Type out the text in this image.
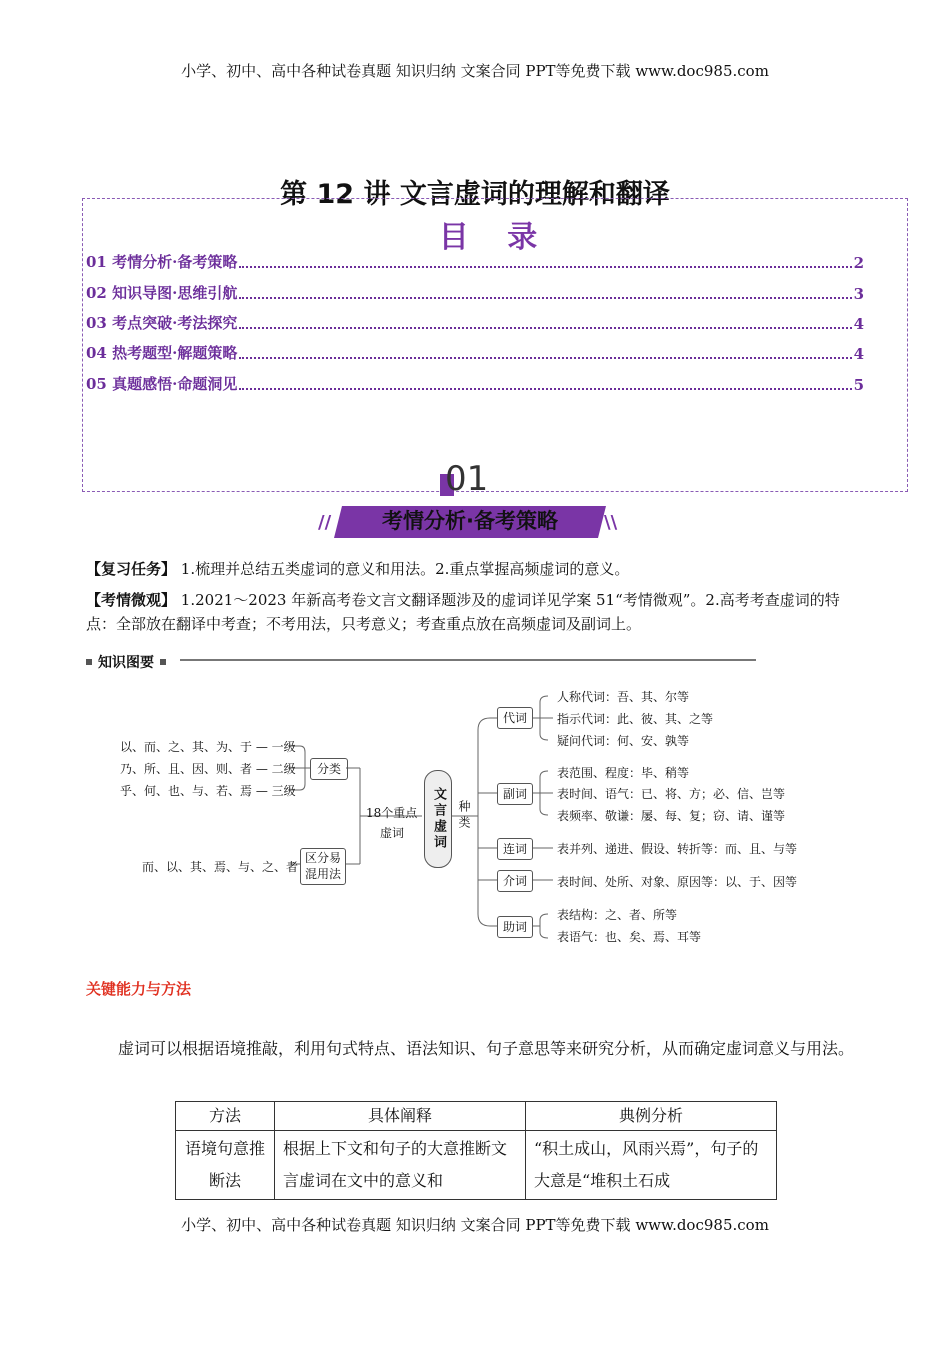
小学、初中、高中各种试卷真题 知识归纳 文案合同 PPT等免费下载 www.doc985.com
第 12 讲 文言虚词的理解和翻译
目 录
01 考情分析·备考策略	2
02 知识导图·思维引航	3
03 考点突破·考法探究	4
04 热考题型·解题策略	4
05 真题感悟·命题洞见	5
01
//	考情分析·备考策略	\\
【复习任务】 1.梳理并总结五类虚词的意义和用法。2.重点掌握高频虚词的意义。
【考情微观】 1.2021～2023 年新高考卷文言文翻译题涉及的虚词详见学案 51“考情微观”。2.高考考查虚词的特点：全部放在翻译中考查；不考用法，只考意义；考查重点放在高频虚词及副词上。
知识图要
以、而、之、其、为、于 — 一级
乃、所、且、因、则、者 — 二级
乎、何、也、与、若、焉 — 三级
分类
18个重点
虚词
而、以、其、焉、与、之、者
区分易
混用法
文言虚词 种类
代词
人称代词：吾、其、尔等
指示代词：此、彼、其、之等
疑问代词：何、安、孰等
副词
表范围、程度：毕、稍等
表时间、语气：已、将、方；必、信、岂等
表频率、敬谦：屡、每、复；窃、请、谨等
连词	表并列、递进、假设、转折等：而、且、与等
介词	表时间、处所、对象、原因等：以、于、因等
助词
表结构：之、者、所等
表语气：也、矣、焉、耳等
关键能力与方法
虚词可以根据语境推敲，利用句式特点、语法知识、句子意思等来研究分析，从而确定虚词意义与用法。
方法	具体阐释	典例分析
语境句意推断法	根据上下文和句子的大意推断文言虚词在文中的意义和	“积土成山，风雨兴焉”，句子的大意是“堆积土石成
小学、初中、高中各种试卷真题 知识归纳 文案合同 PPT等免费下载 www.doc985.com
